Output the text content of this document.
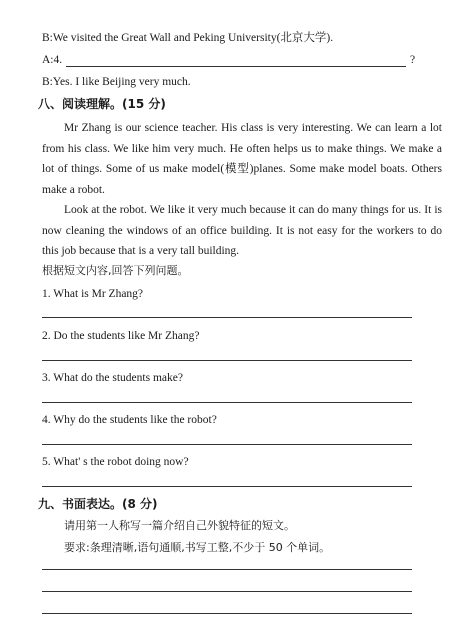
B:We visited the Great Wall and Peking University(北京大学).
A:4.	?
B:Yes. I like Beijing very much.
八、阅读理解。(15 分)
Mr Zhang is our science teacher. His class is very interesting. We can learn a lot from his class. We like him very much. He often helps us to make things. We make a lot of things. Some of us make model(模型)planes. Some make model boats. Others make a robot.
Look at the robot. We like it very much because it can do many things for us. It is now cleaning the windows of an office building. It is not easy for the workers to do this job because that is a very tall building.
根据短文内容,回答下列问题。
1. What is Mr Zhang?
2. Do the students like Mr Zhang?
3. What do the students make?
4. Why do the students like the robot?
5. What' s the robot doing now?
九、书面表达。(8 分)
请用第一人称写一篇介绍自己外貌特征的短文。
要求:条理清晰,语句通顺,书写工整,不少于 50 个单词。
